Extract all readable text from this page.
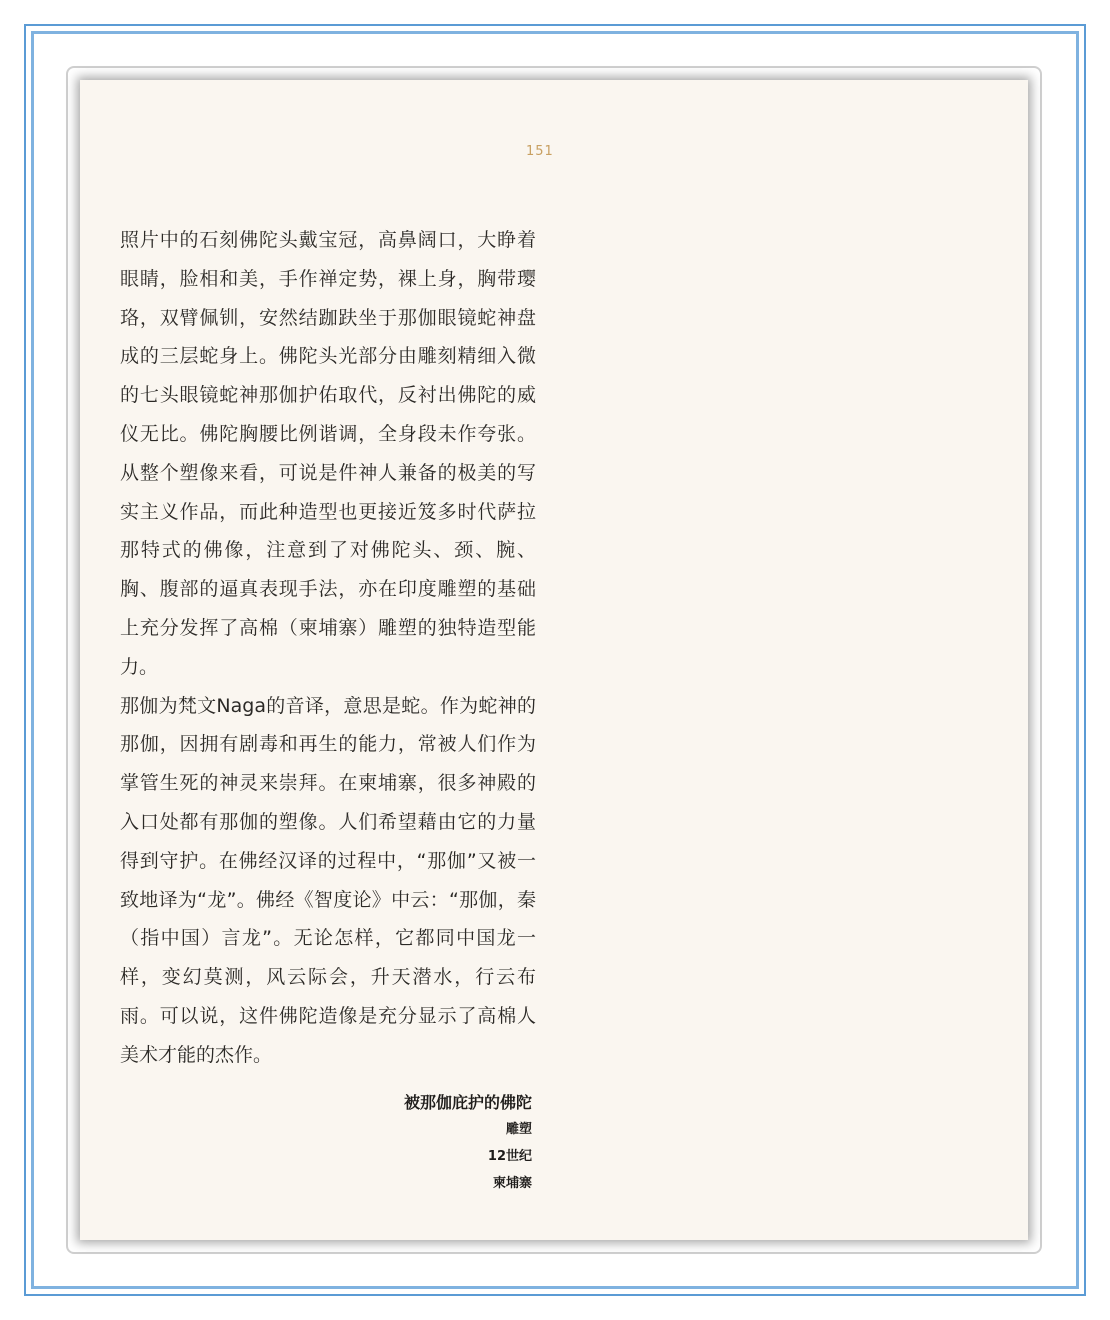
151
照片中的石刻佛陀头戴宝冠，高鼻阔口，大睁着眼睛，脸相和美，手作禅定势，裸上身，胸带璎珞，双臂佩钏，安然结跏趺坐于那伽眼镜蛇神盘成的三层蛇身上。佛陀头光部分由雕刻精细入微的七头眼镜蛇神那伽护佑取代，反衬出佛陀的威仪无比。佛陀胸腰比例谐调，全身段未作夸张。从整个塑像来看，可说是件神人兼备的极美的写实主义作品，而此种造型也更接近笈多时代萨拉那特式的佛像，注意到了对佛陀头、颈、腕、胸、腹部的逼真表现手法，亦在印度雕塑的基础上充分发挥了高棉（柬埔寨）雕塑的独特造型能力。
那伽为梵文Naga的音译，意思是蛇。作为蛇神的那伽，因拥有剧毒和再生的能力，常被人们作为掌管生死的神灵来崇拜。在柬埔寨，很多神殿的入口处都有那伽的塑像。人们希望藉由它的力量得到守护。在佛经汉译的过程中，“那伽”又被一致地译为“龙”。佛经《智度论》中云：“那伽，秦（指中国）言龙”。无论怎样，它都同中国龙一样，变幻莫测，风云际会，升天潜水，行云布雨。可以说，这件佛陀造像是充分显示了高棉人美术才能的杰作。
被那伽庇护的佛陀
雕塑
12世纪
柬埔寨
